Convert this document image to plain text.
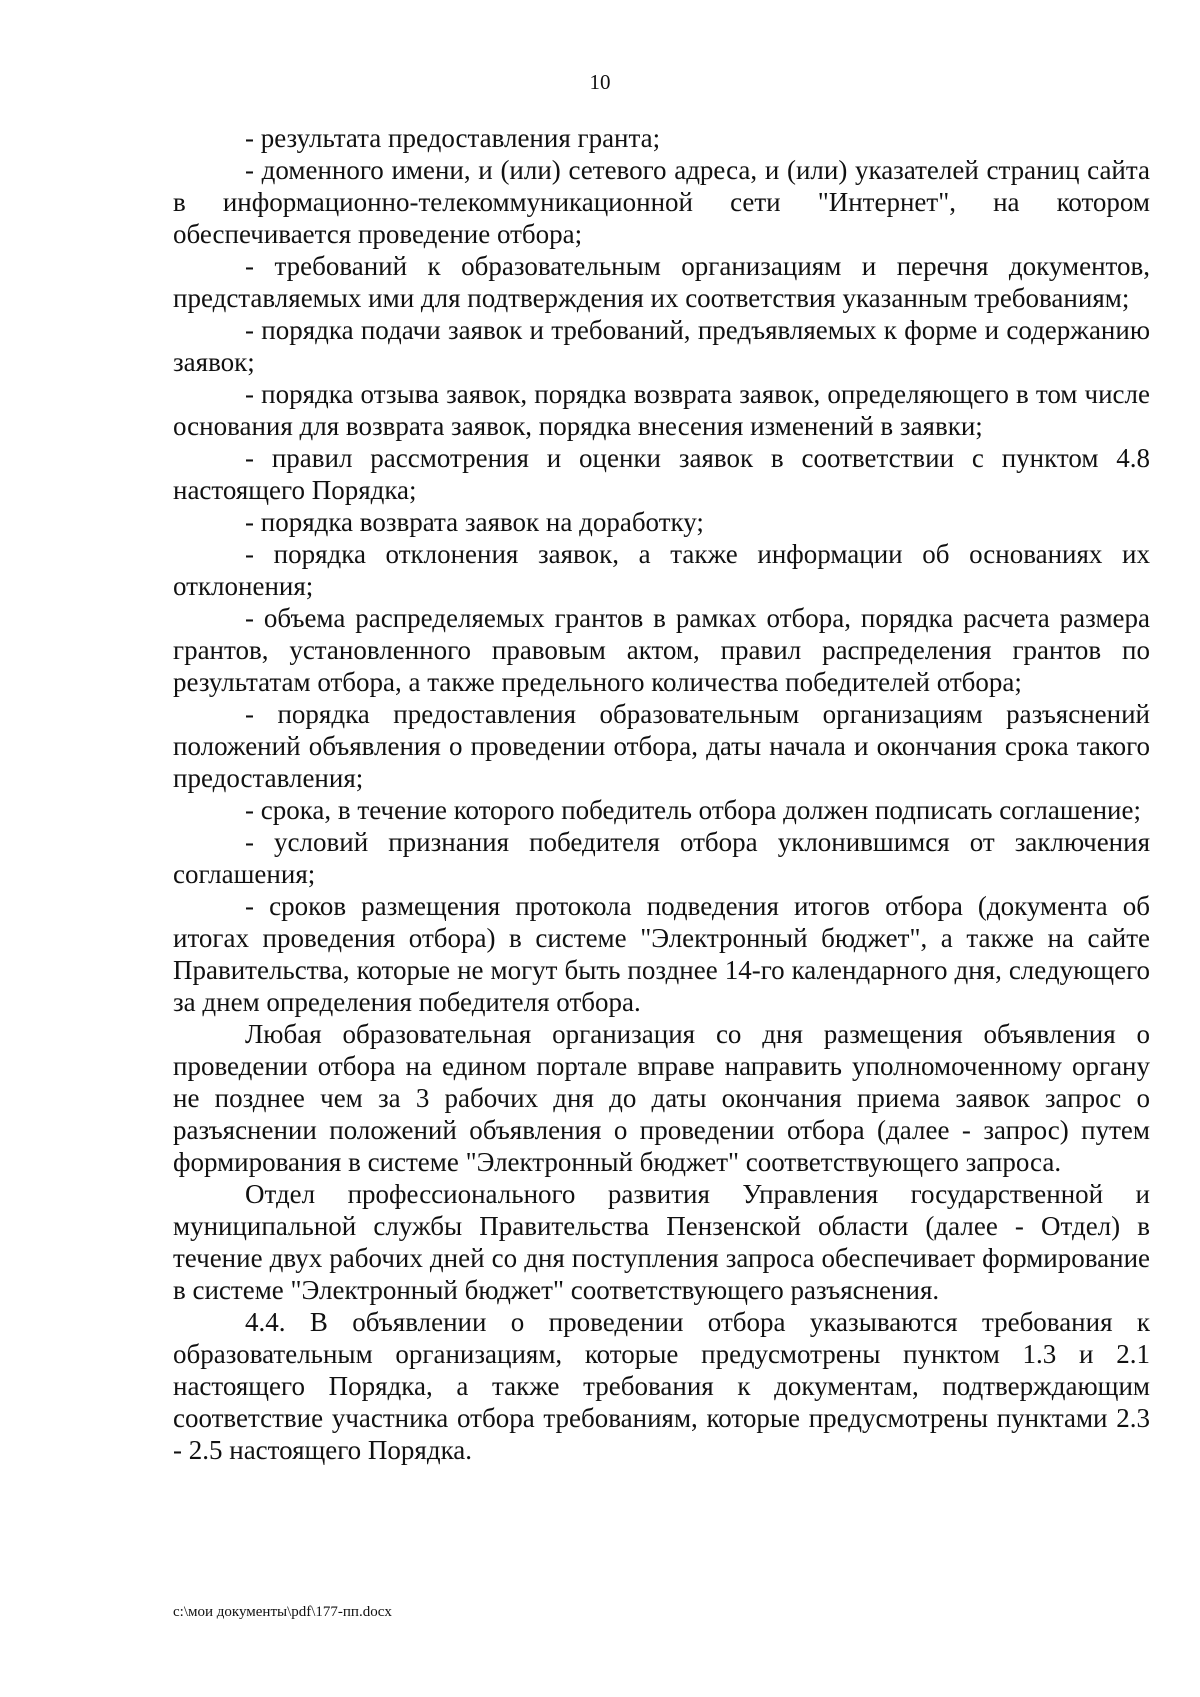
10

- результата предоставления гранта;

- доменного имени, и (или) сетевого адреса, и (или) указателей страниц сайта в информационно-телекоммуникационной сети "Интернет", на котором обеспечивается проведение отбора;

- требований к образовательным организациям и перечня документов, представляемых ими для подтверждения их соответствия указанным требованиям;

- порядка подачи заявок и требований, предъявляемых к форме и содержанию заявок;

- порядка отзыва заявок, порядка возврата заявок, определяющего в том числе основания для возврата заявок, порядка внесения изменений в заявки;

- правил рассмотрения и оценки заявок в соответствии с пунктом 4.8 настоящего Порядка;

- порядка возврата заявок на доработку;

- порядка отклонения заявок, а также информации об основаниях их отклонения;

- объема распределяемых грантов в рамках отбора, порядка расчета размера грантов, установленного правовым актом, правил распределения грантов по результатам отбора, а также предельного количества победителей отбора;

- порядка предоставления образовательным организациям разъяснений положений объявления о проведении отбора, даты начала и окончания срока такого предоставления;

- срока, в течение которого победитель отбора должен подписать соглашение;

- условий признания победителя отбора уклонившимся от заключения соглашения;

- сроков размещения протокола подведения итогов отбора (документа об итогах проведения отбора) в системе "Электронный бюджет", а также на сайте Правительства, которые не могут быть позднее 14-го календарного дня, следующего за днем определения победителя отбора.

Любая образовательная организация со дня размещения объявления о проведении отбора на едином портале вправе направить уполномоченному органу не позднее чем за 3 рабочих дня до даты окончания приема заявок запрос о разъяснении положений объявления о проведении отбора (далее - запрос) путем формирования в системе "Электронный бюджет" соответствующего запроса.

Отдел профессионального развития Управления государственной и муниципальной службы Правительства Пензенской области (далее - Отдел) в течение двух рабочих дней со дня поступления запроса обеспечивает формирование в системе "Электронный бюджет" соответствующего разъяснения.

4.4. В объявлении о проведении отбора указываются требования к образовательным организациям, которые предусмотрены пунктом 1.3 и 2.1 настоящего Порядка, а также требования к документам, подтверждающим соответствие участника отбора требованиям, которые предусмотрены пунктами 2.3 - 2.5 настоящего Порядка.

c:\мои документы\pdf\177-пп.docx
